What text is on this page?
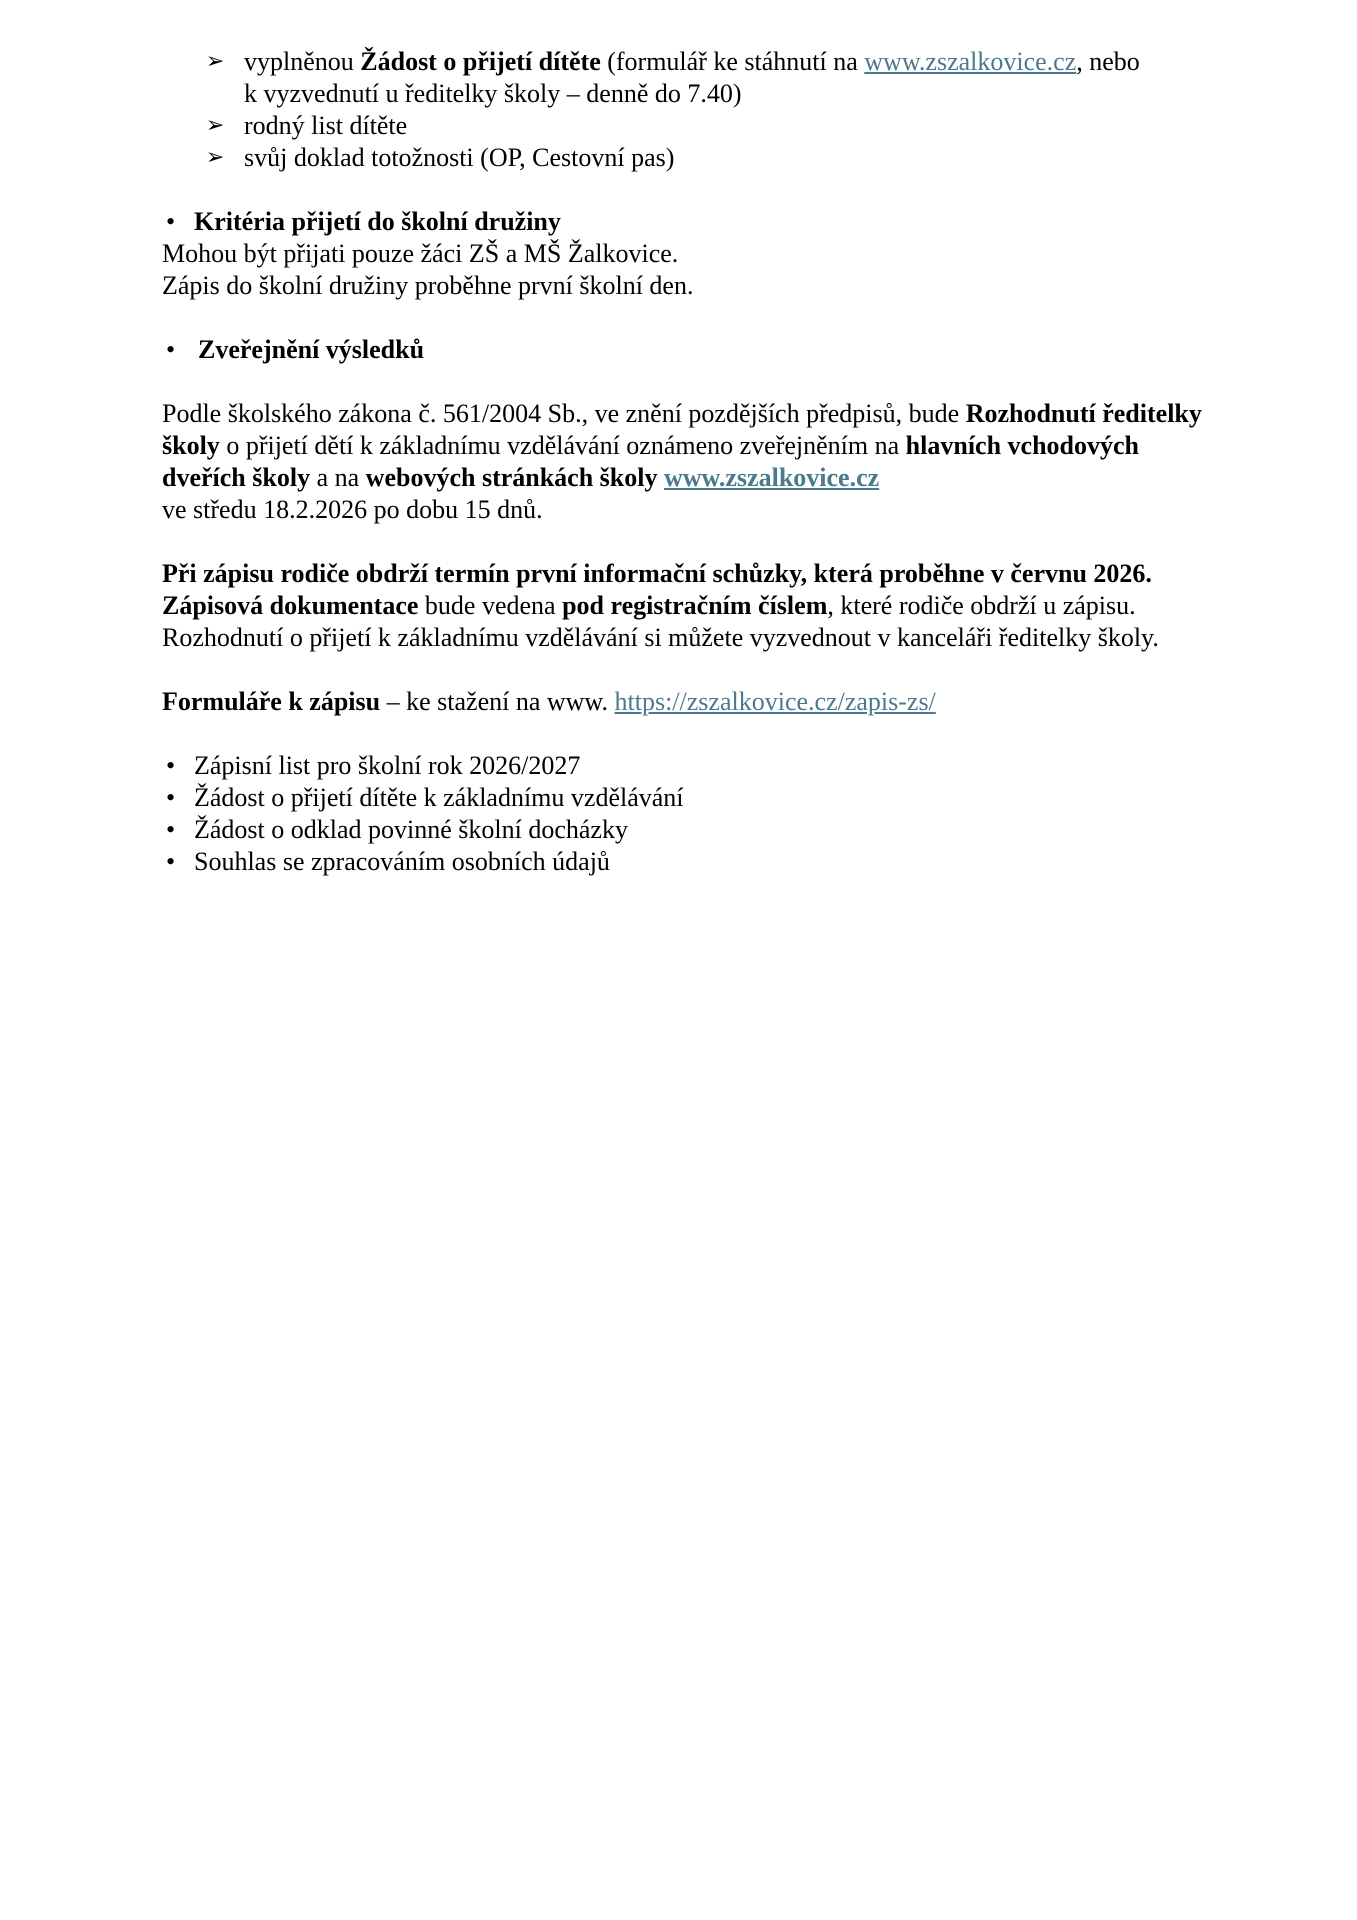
➢ vyplněnou Žádost o přijetí dítěte (formulář ke stáhnutí na www.zszalkovice.cz, nebo
k vyzvednutí u ředitelky školy – denně do 7.40)
➢ rodný list dítěte
➢ svůj doklad totožnosti (OP, Cestovní pas)
• Kritéria přijetí do školní družiny

Mohou být přijati pouze žáci ZŠ a MŠ Žalkovice.

Zápis do školní družiny proběhne první školní den.

• Zveřejnění výsledků

Podle školského zákona č. 561/2004 Sb., ve znění pozdějších předpisů, bude Rozhodnutí ředitelky
školy o přijetí dětí k základnímu vzdělávání oznámeno zveřejněním na hlavních vchodových
dveřích školy a na webových stránkách školy www.zszalkovice.cz
ve středu 18.2.2026 po dobu 15 dnů.

Při zápisu rodiče obdrží termín první informační schůzky, která proběhne v červnu 2026.
Zápisová dokumentace bude vedena pod registračním číslem, které rodiče obdrží u zápisu.
Rozhodnutí o přijetí k základnímu vzdělávání si můžete vyzvednout v kanceláři ředitelky školy.

Formuláře k zápisu – ke stažení na www. https://zszalkovice.cz/zapis-zs/

• Zápisní list pro školní rok 2026/2027
• Žádost o přijetí dítěte k základnímu vzdělávání
• Žádost o odklad povinné školní docházky
• Souhlas se zpracováním osobních údajů
